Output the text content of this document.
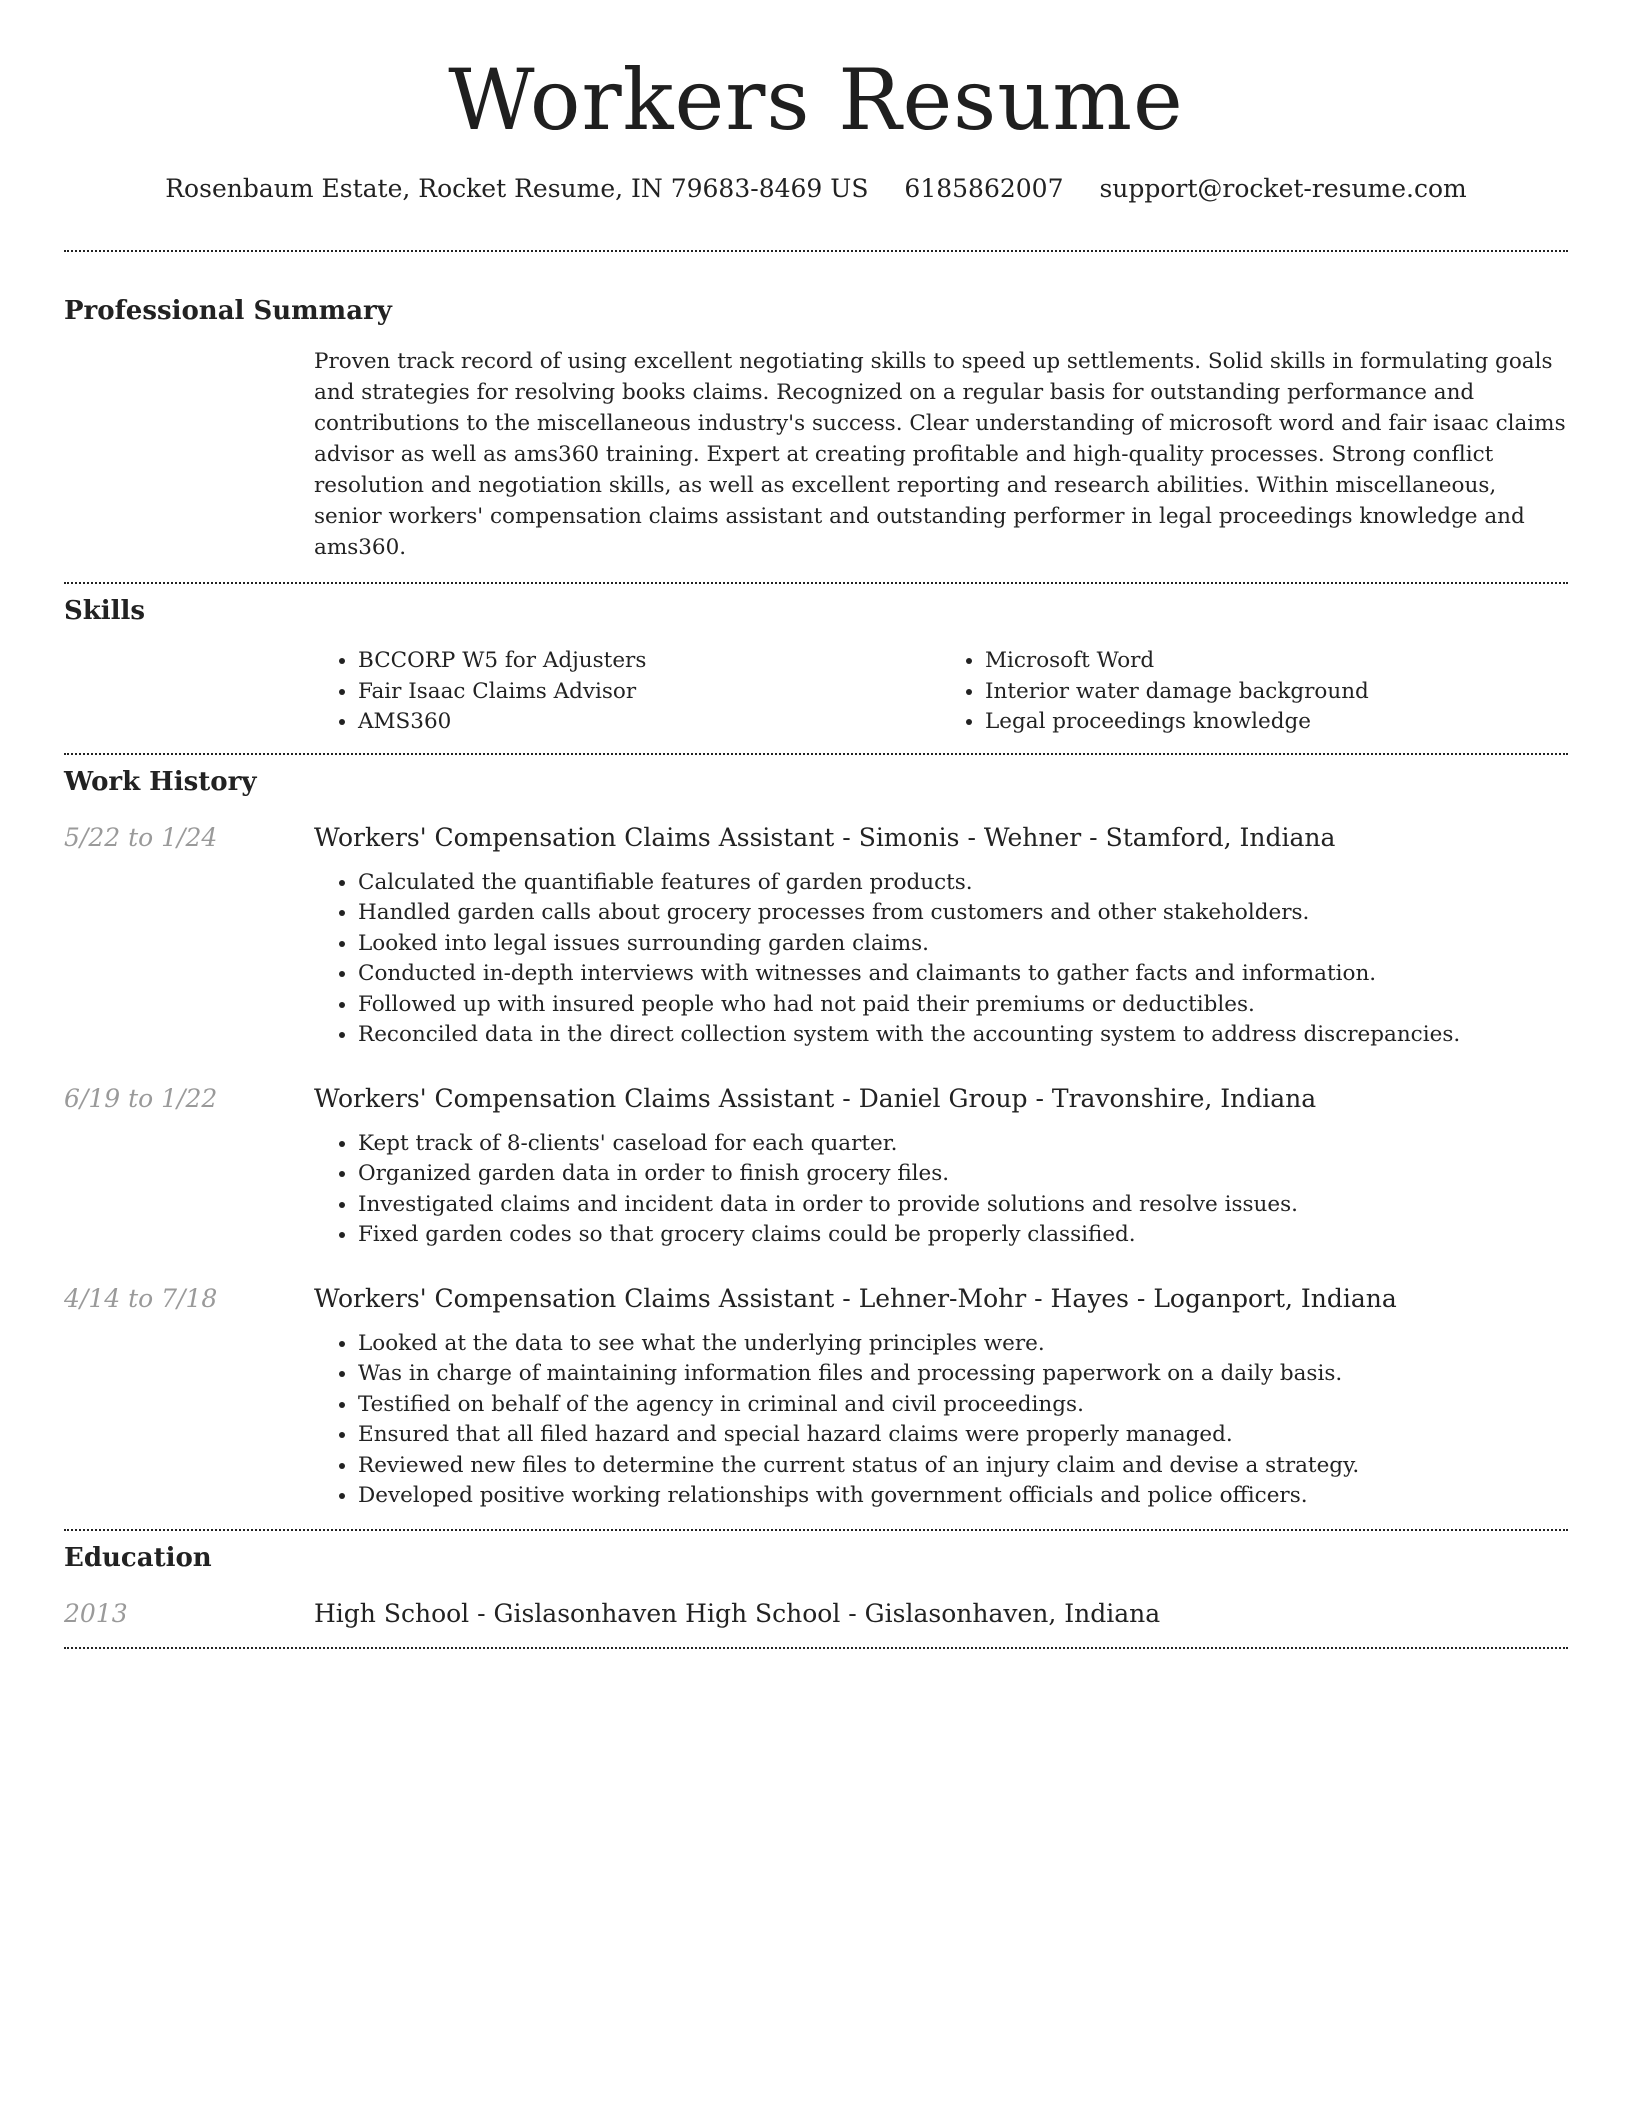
Workers Resume
Rosenbaum Estate, Rocket Resume, IN 79683-8469 US 6185862007 support@rocket-resume.com
Professional Summary

Proven track record of using excellent negotiating skills to speed up settlements. Solid skills in formulating goals and strategies for resolving books claims. Recognized on a regular basis for outstanding performance and contributions to the miscellaneous industry's success. Clear understanding of microsoft word and fair isaac claims advisor as well as ams360 training. Expert at creating profitable and high-quality processes. Strong conflict resolution and negotiation skills, as well as excellent reporting and research abilities. Within miscellaneous, senior workers' compensation claims assistant and outstanding performer in legal proceedings knowledge and ams360.

Skills
• BCCORP W5 for Adjusters
• Fair Isaac Claims Advisor
• AMS360
• Microsoft Word
• Interior water damage background
• Legal proceedings knowledge
Work History
5/22 to 1/24	Workers' Compensation Claims Assistant - Simonis - Wehner - Stamford, Indiana

• Calculated the quantifiable features of garden products.
• Handled garden calls about grocery processes from customers and other stakeholders.
• Looked into legal issues surrounding garden claims.
• Conducted in-depth interviews with witnesses and claimants to gather facts and information.
• Followed up with insured people who had not paid their premiums or deductibles.
• Reconciled data in the direct collection system with the accounting system to address discrepancies.
6/19 to 1/22	Workers' Compensation Claims Assistant - Daniel Group - Travonshire, Indiana

• Kept track of 8-clients' caseload for each quarter.
• Organized garden data in order to finish grocery files.
• Investigated claims and incident data in order to provide solutions and resolve issues.
• Fixed garden codes so that grocery claims could be properly classified.
4/14 to 7/18	Workers' Compensation Claims Assistant - Lehner-Mohr - Hayes - Loganport, Indiana

• Looked at the data to see what the underlying principles were.
• Was in charge of maintaining information files and processing paperwork on a daily basis.
• Testified on behalf of the agency in criminal and civil proceedings.
• Ensured that all filed hazard and special hazard claims were properly managed.
• Reviewed new files to determine the current status of an injury claim and devise a strategy.
• Developed positive working relationships with government officials and police officers.
Education
2013	High School - Gislasonhaven High School - Gislasonhaven, Indiana
